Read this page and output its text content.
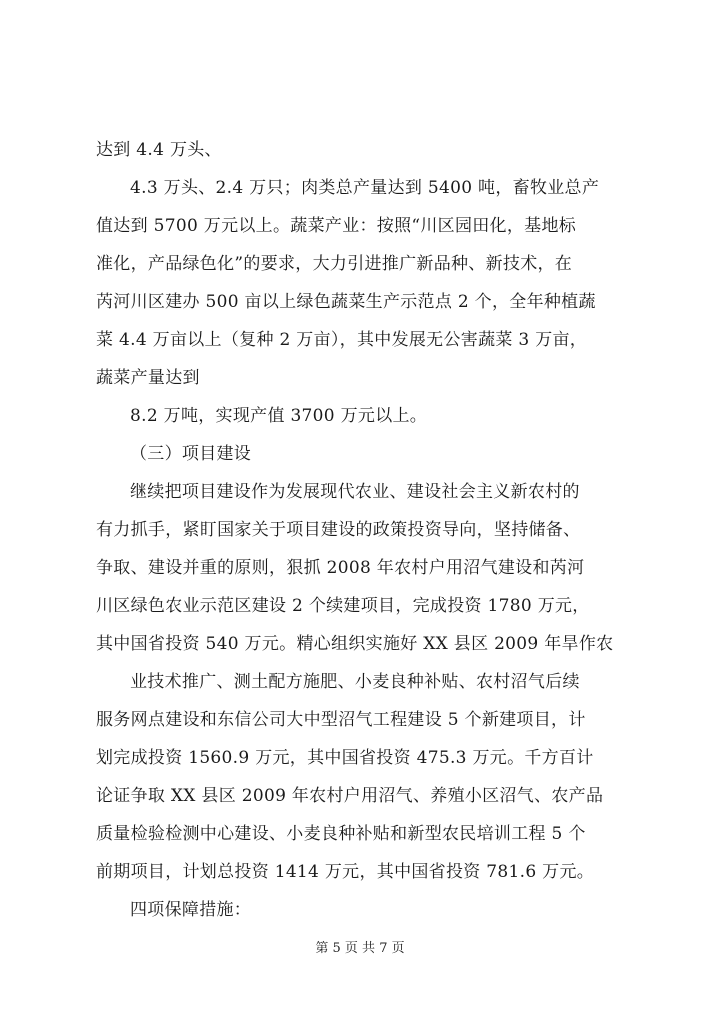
达到 4.4 万头、

4.3 万头、2.4 万只；肉类总产量达到 5400 吨，畜牧业总产

值达到 5700 万元以上。蔬菜产业：按照“川区园田化，基地标

准化，产品绿色化”的要求，大力引进推广新品种、新技术，在

芮河川区建办 500 亩以上绿色蔬菜生产示范点 2 个，全年种植蔬

菜 4.4 万亩以上（复种 2 万亩），其中发展无公害蔬菜 3 万亩，

蔬菜产量达到

8.2 万吨，实现产值 3700 万元以上。

（三）项目建设

继续把项目建设作为发展现代农业、建设社会主义新农村的

有力抓手，紧盯国家关于项目建设的政策投资导向，坚持储备、

争取、建设并重的原则，狠抓 2008 年农村户用沼气建设和芮河

川区绿色农业示范区建设 2 个续建项目，完成投资 1780 万元，

其中国省投资 540 万元。精心组织实施好 XX 县区 2009 年旱作农

业技术推广、测土配方施肥、小麦良种补贴、农村沼气后续

服务网点建设和东信公司大中型沼气工程建设 5 个新建项目，计

划完成投资 1560.9 万元，其中国省投资 475.3 万元。千方百计

论证争取 XX 县区 2009 年农村户用沼气、养殖小区沼气、农产品

质量检验检测中心建设、小麦良种补贴和新型农民培训工程 5 个

前期项目，计划总投资 1414 万元，其中国省投资 781.6 万元。

四项保障措施：

第 5 页 共 7 页
